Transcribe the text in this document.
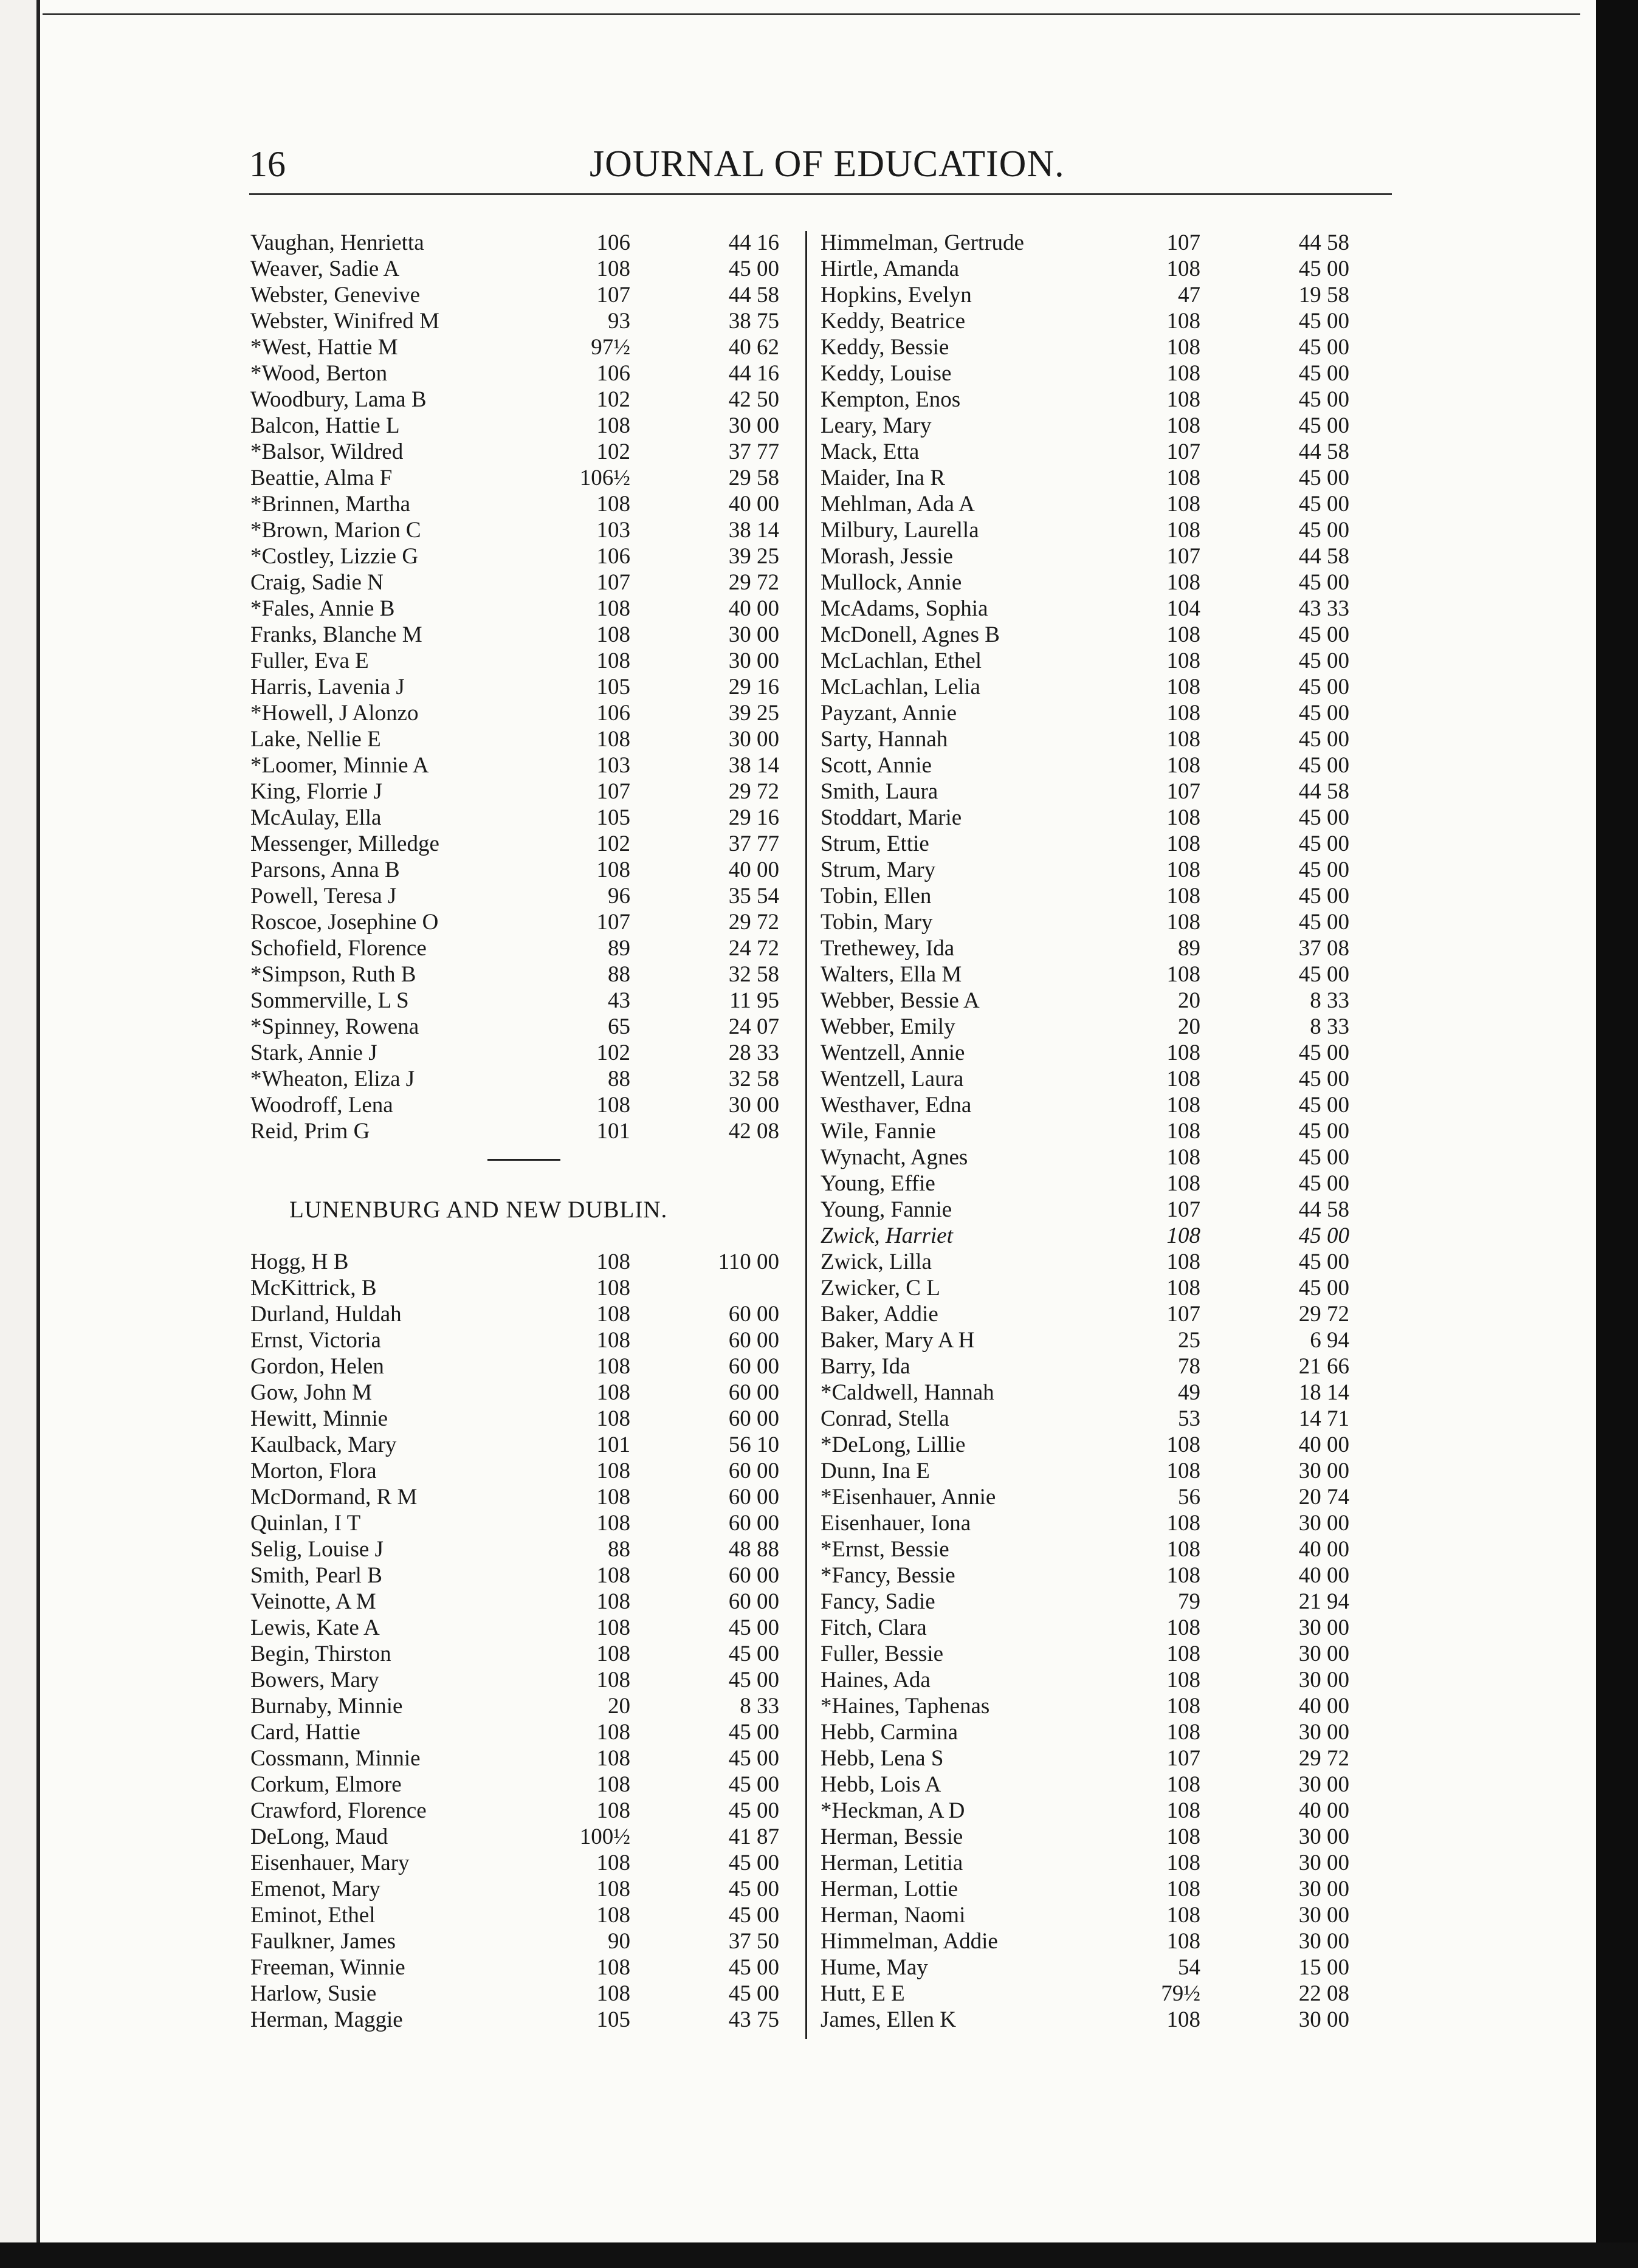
16	JOURNAL OF EDUCATION.
Vaughan, Henrietta	106	44 16
Weaver, Sadie A	108	45 00
Webster, Genevive	107	44 58
Webster, Winifred M	93	38 75
*West, Hattie M	97½	40 62
*Wood, Berton	106	44 16
Woodbury, Lama B	102	42 50
Balcon, Hattie L	108	30 00
*Balsor, Wildred	102	37 77
Beattie, Alma F	106½	29 58
*Brinnen, Martha	108	40 00
*Brown, Marion C	103	38 14
*Costley, Lizzie G	106	39 25
Craig, Sadie N	107	29 72
*Fales, Annie B	108	40 00
Franks, Blanche M	108	30 00
Fuller, Eva E	108	30 00
Harris, Lavenia J	105	29 16
*Howell, J Alonzo	106	39 25
Lake, Nellie E	108	30 00
*Loomer, Minnie A	103	38 14
King, Florrie J	107	29 72
McAulay, Ella	105	29 16
Messenger, Milledge	102	37 77
Parsons, Anna B	108	40 00
Powell, Teresa J	96	35 54
Roscoe, Josephine O	107	29 72
Schofield, Florence	89	24 72
*Simpson, Ruth B	88	32 58
Sommerville, L S	43	11 95
*Spinney, Rowena	65	24 07
Stark, Annie J	102	28 33
*Wheaton, Eliza J	88	32 58
Woodroff, Lena	108	30 00
Reid, Prim G	101	42 08
LUNENBURG AND NEW DUBLIN.
Hogg, H B	108	110 00
McKittrick, B	108
Durland, Huldah	108	60 00
Ernst, Victoria	108	60 00
Gordon, Helen	108	60 00
Gow, John M	108	60 00
Hewitt, Minnie	108	60 00
Kaulback, Mary	101	56 10
Morton, Flora	108	60 00
McDormand, R M	108	60 00
Quinlan, I T	108	60 00
Selig, Louise J	88	48 88
Smith, Pearl B	108	60 00
Veinotte, A M	108	60 00
Lewis, Kate A	108	45 00
Begin, Thirston	108	45 00
Bowers, Mary	108	45 00
Burnaby, Minnie	20	8 33
Card, Hattie	108	45 00
Cossmann, Minnie	108	45 00
Corkum, Elmore	108	45 00
Crawford, Florence	108	45 00
DeLong, Maud	100½	41 87
Eisenhauer, Mary	108	45 00
Emenot, Mary	108	45 00
Eminot, Ethel	108	45 00
Faulkner, James	90	37 50
Freeman, Winnie	108	45 00
Harlow, Susie	108	45 00
Herman, Maggie	105	43 75
Himmelman, Gertrude	107	44 58
Hirtle, Amanda	108	45 00
Hopkins, Evelyn	47	19 58
Keddy, Beatrice	108	45 00
Keddy, Bessie	108	45 00
Keddy, Louise	108	45 00
Kempton, Enos	108	45 00
Leary, Mary	108	45 00
Mack, Etta	107	44 58
Maider, Ina R	108	45 00
Mehlman, Ada A	108	45 00
Milbury, Laurella	108	45 00
Morash, Jessie	107	44 58
Mullock, Annie	108	45 00
McAdams, Sophia	104	43 33
McDonell, Agnes B	108	45 00
McLachlan, Ethel	108	45 00
McLachlan, Lelia	108	45 00
Payzant, Annie	108	45 00
Sarty, Hannah	108	45 00
Scott, Annie	108	45 00
Smith, Laura	107	44 58
Stoddart, Marie	108	45 00
Strum, Ettie	108	45 00
Strum, Mary	108	45 00
Tobin, Ellen	108	45 00
Tobin, Mary	108	45 00
Trethewey, Ida	89	37 08
Walters, Ella M	108	45 00
Webber, Bessie A	20	8 33
Webber, Emily	20	8 33
Wentzell, Annie	108	45 00
Wentzell, Laura	108	45 00
Westhaver, Edna	108	45 00
Wile, Fannie	108	45 00
Wynacht, Agnes	108	45 00
Young, Effie	108	45 00
Young, Fannie	107	44 58
Zwick, Harriet	108	45 00
Zwick, Lilla	108	45 00
Zwicker, C L	108	45 00
Baker, Addie	107	29 72
Baker, Mary A H	25	6 94
Barry, Ida	78	21 66
*Caldwell, Hannah	49	18 14
Conrad, Stella	53	14 71
*DeLong, Lillie	108	40 00
Dunn, Ina E	108	30 00
*Eisenhauer, Annie	56	20 74
Eisenhauer, Iona	108	30 00
*Ernst, Bessie	108	40 00
*Fancy, Bessie	108	40 00
Fancy, Sadie	79	21 94
Fitch, Clara	108	30 00
Fuller, Bessie	108	30 00
Haines, Ada	108	30 00
*Haines, Taphenas	108	40 00
Hebb, Carmina	108	30 00
Hebb, Lena S	107	29 72
Hebb, Lois A	108	30 00
*Heckman, A D	108	40 00
Herman, Bessie	108	30 00
Herman, Letitia	108	30 00
Herman, Lottie	108	30 00
Herman, Naomi	108	30 00
Himmelman, Addie	108	30 00
Hume, May	54	15 00
Hutt, E E	79½	22 08
James, Ellen K	108	30 00
